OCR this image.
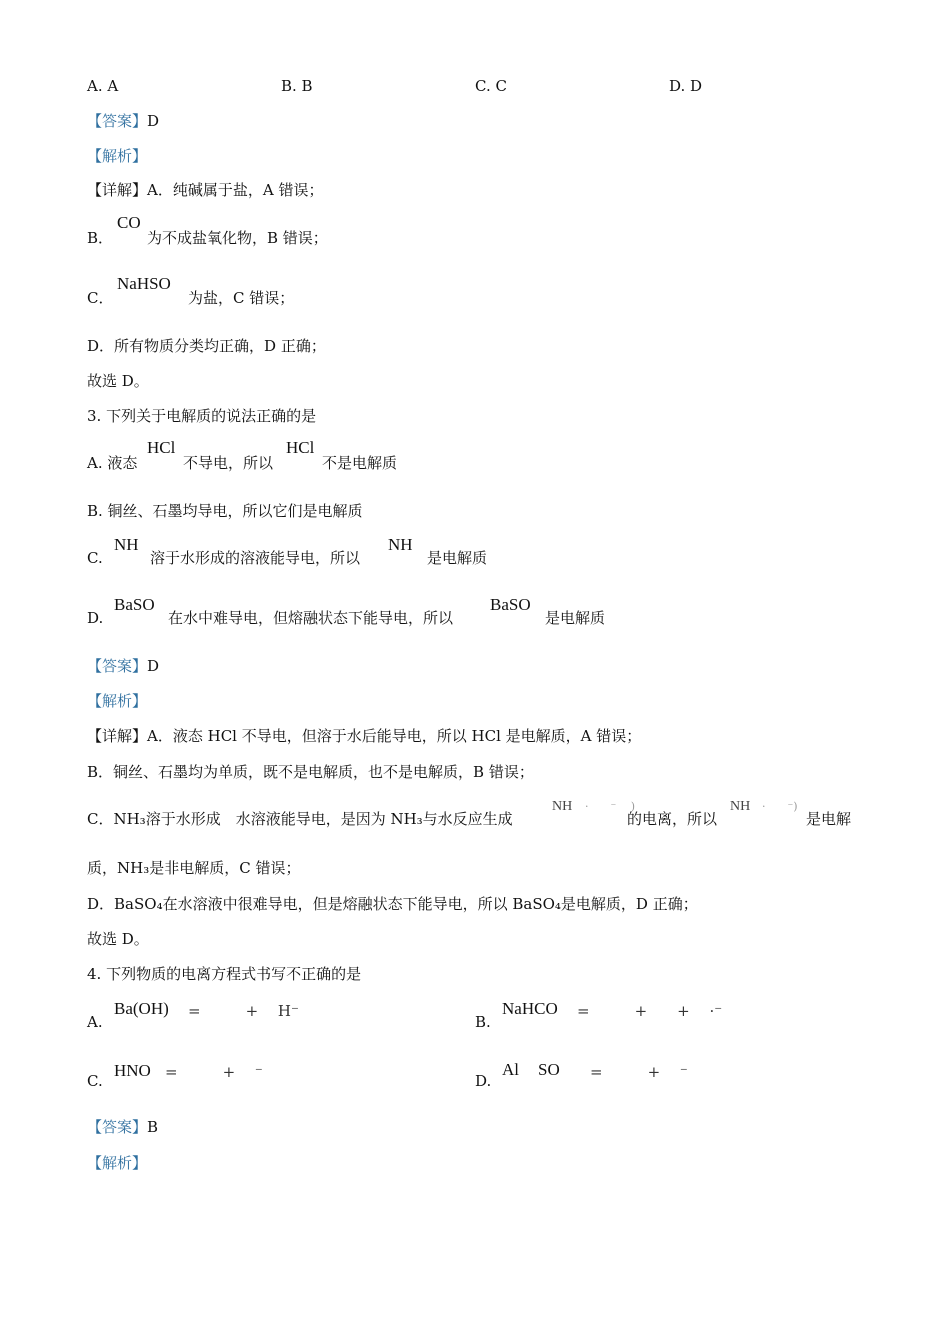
A. A	B. B	C. C	D. D
【答案】D
【解析】
【详解】A．纯碱属于盐，A 错误；
B．
CO
为不成盐氧化物，B 错误；
C．
NaHSO
为盐，C 错误；
D．所有物质分类均正确，D 正确；
故选 D。
3. 下列关于电解质的说法正确的是
A. 液态
HCl
不导电，所以
HCl
不是电解质
B. 铜丝、石墨均导电，所以它们是电解质
C.
NH
溶于水形成的溶液能导电，所以
NH
是电解质
D.
BaSO
在水中难导电，但熔融状态下能导电，所以
BaSO
是电解质
【答案】D
【解析】
【详解】A．液态 HCl 不导电，但溶于水后能导电，所以 HCl 是电解质，A 错误；
B．铜丝、石墨均为单质，既不是电解质，也不是电解质，B 错误；
C．NH₃溶于水形成　水溶液能导电，是因为 NH₃与水反应生成
NH ·　　⁻　 )
的电离，所以
NH ·　　⁻)
是电解
质，NH₃是非电解质，C 错误；
D．BaSO₄在水溶液中很难导电，但是熔融状态下能导电，所以 BaSO₄是电解质，D 正确；
故选 D。
4. 下列物质的电离方程式书写不正确的是
A.
Ba(OH) =　　　+　 H⁻
B.
NaHCO =　　　+　　+　 ·⁻
C.
HNO =　　　+　 ⁻	D.
Al SO =　　　+　 ⁻
【答案】B
【解析】
